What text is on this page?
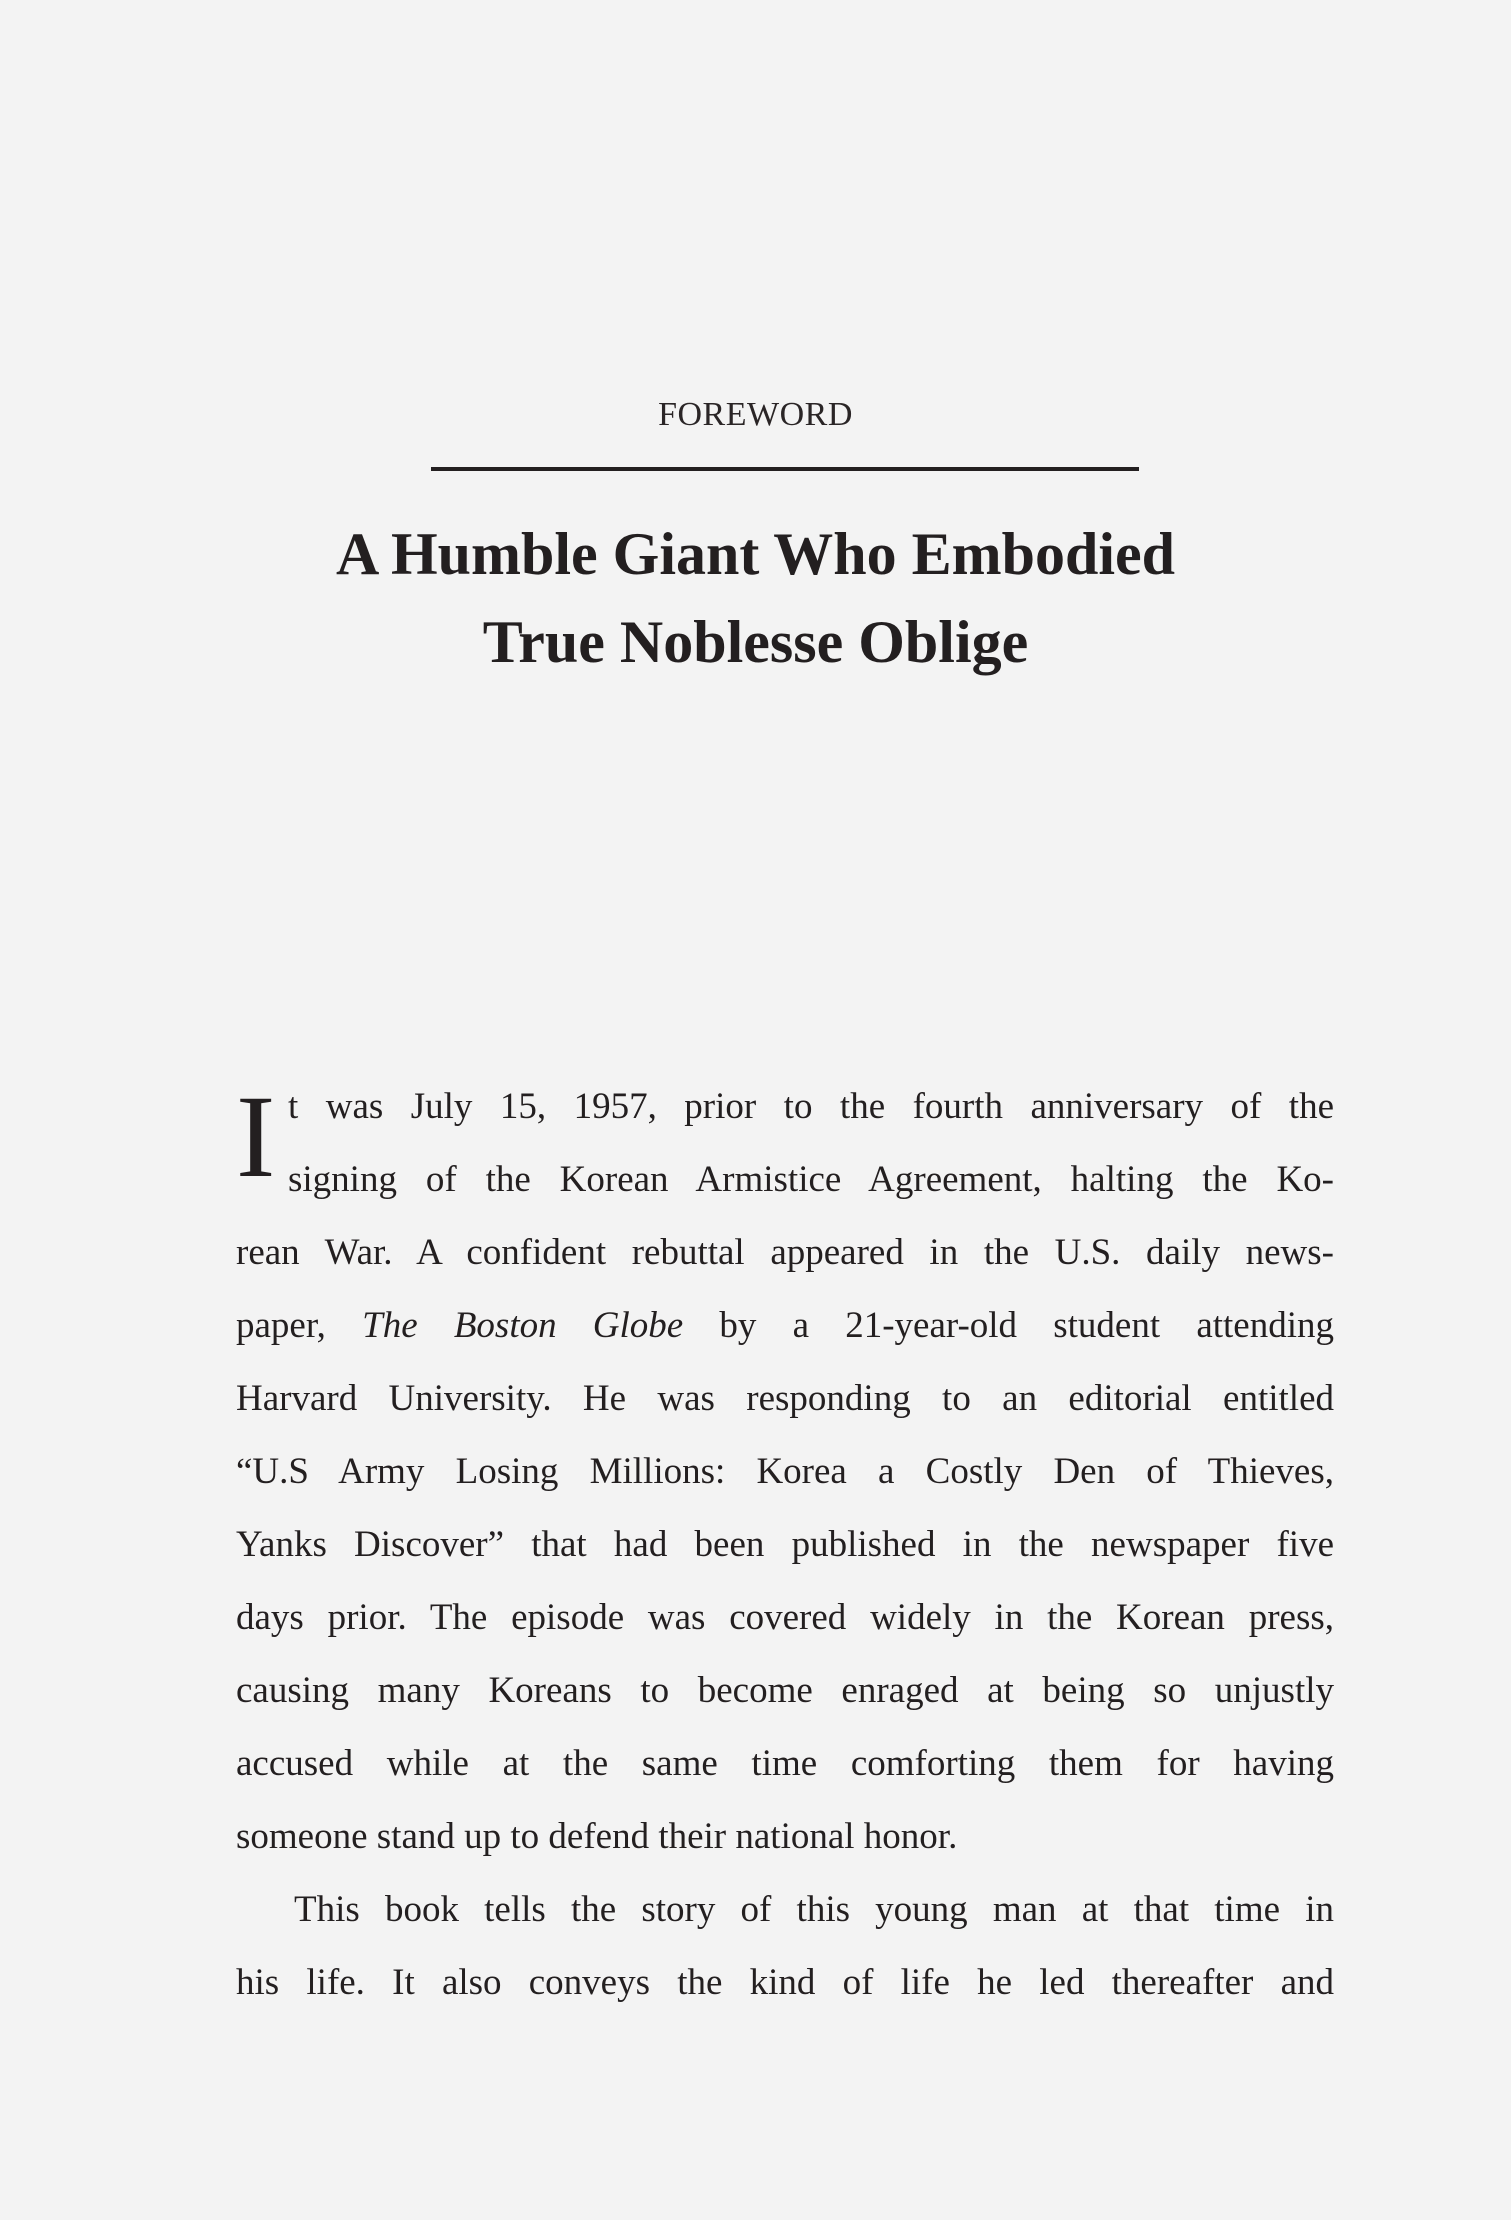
FOREWORD
A Humble Giant Who Embodied
True Noblesse Oblige

I t was July 15, 1957, prior to the fourth anniversary of the
signing of the Korean Armistice Agreement, halting the Ko-
rean War. A confident rebuttal appeared in the U.S. daily news-
paper, The Boston Globe by a 21-year-old student attending
Harvard University. He was responding to an editorial entitled
“U.S Army Losing Millions: Korea a Costly Den of Thieves,
Yanks Discover” that had been published in the newspaper five
days prior. The episode was covered widely in the Korean press,
causing many Koreans to become enraged at being so unjustly
accused while at the same time comforting them for having
someone stand up to defend their national honor.

This book tells the story of this young man at that time in
his life. It also conveys the kind of life he led thereafter and
